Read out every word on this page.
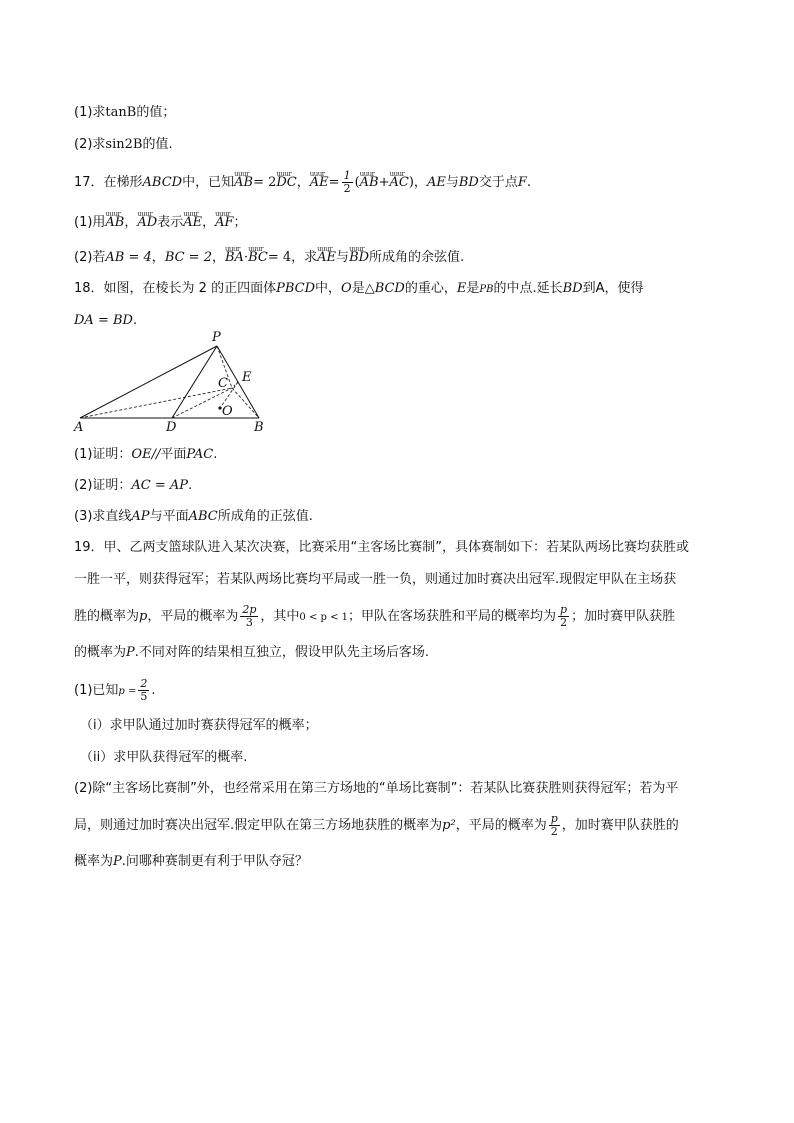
(1)求tanB的值；
(2)求sin2B的值.
17．在梯形ABCD中，已知uuur AB= 2uuur DC，uuur $AE= \frac{1}{2}$ (uuur AB+uuur AC)，AE与BD交于点F.
(1)用uuur AB，uuur AD表示uuur AE，uuur AF；
(2)若AB = 4，BC = 2，uuur BA·uuur BC= 4，求uuur AE与uuur BD所成角的余弦值.
18．如图，在棱长为 2 的正四面体PBCD中，O是△BCD的重心，E是PB的中点.延长BD到A，使得
DA = BD.
P
C E
O
A	D	B
(1)证明：OE//平面PAC.
(2)证明：AC = AP.
(3)求直线AP与平面ABC所成角的正弦值.
19．甲、乙两支篮球队进入某次决赛，比赛采用“主客场比赛制”，具体赛制如下：若某队两场比赛均获胜或
一胜一平，则获得冠军；若某队两场比赛均平局或一胜一负，则通过加时赛决出冠军.现假定甲队在主场获
胜的概率为p，平局的概率为 $\frac{2p}{3}$ ，其中0 < p < 1；甲队在客场获胜和平局的概率均为 $\frac{p}{2}$ ；加时赛甲队获胜
的概率为P.不同对阵的结果相互独立，假设甲队先主场后客场.
(1)已知$p = \frac{2}{5}$ .
（i）求甲队通过加时赛获得冠军的概率；
（ii）求甲队获得冠军的概率.
(2)除“主客场比赛制”外，也经常采用在第三方场地的“单场比赛制”：若某队比赛获胜则获得冠军；若为平
局，则通过加时赛决出冠军.假定甲队在第三方场地获胜的概率为p²，平局的概率为 $\frac{p}{2}$ ，加时赛甲队获胜的
概率为P.问哪种赛制更有利于甲队夺冠？
